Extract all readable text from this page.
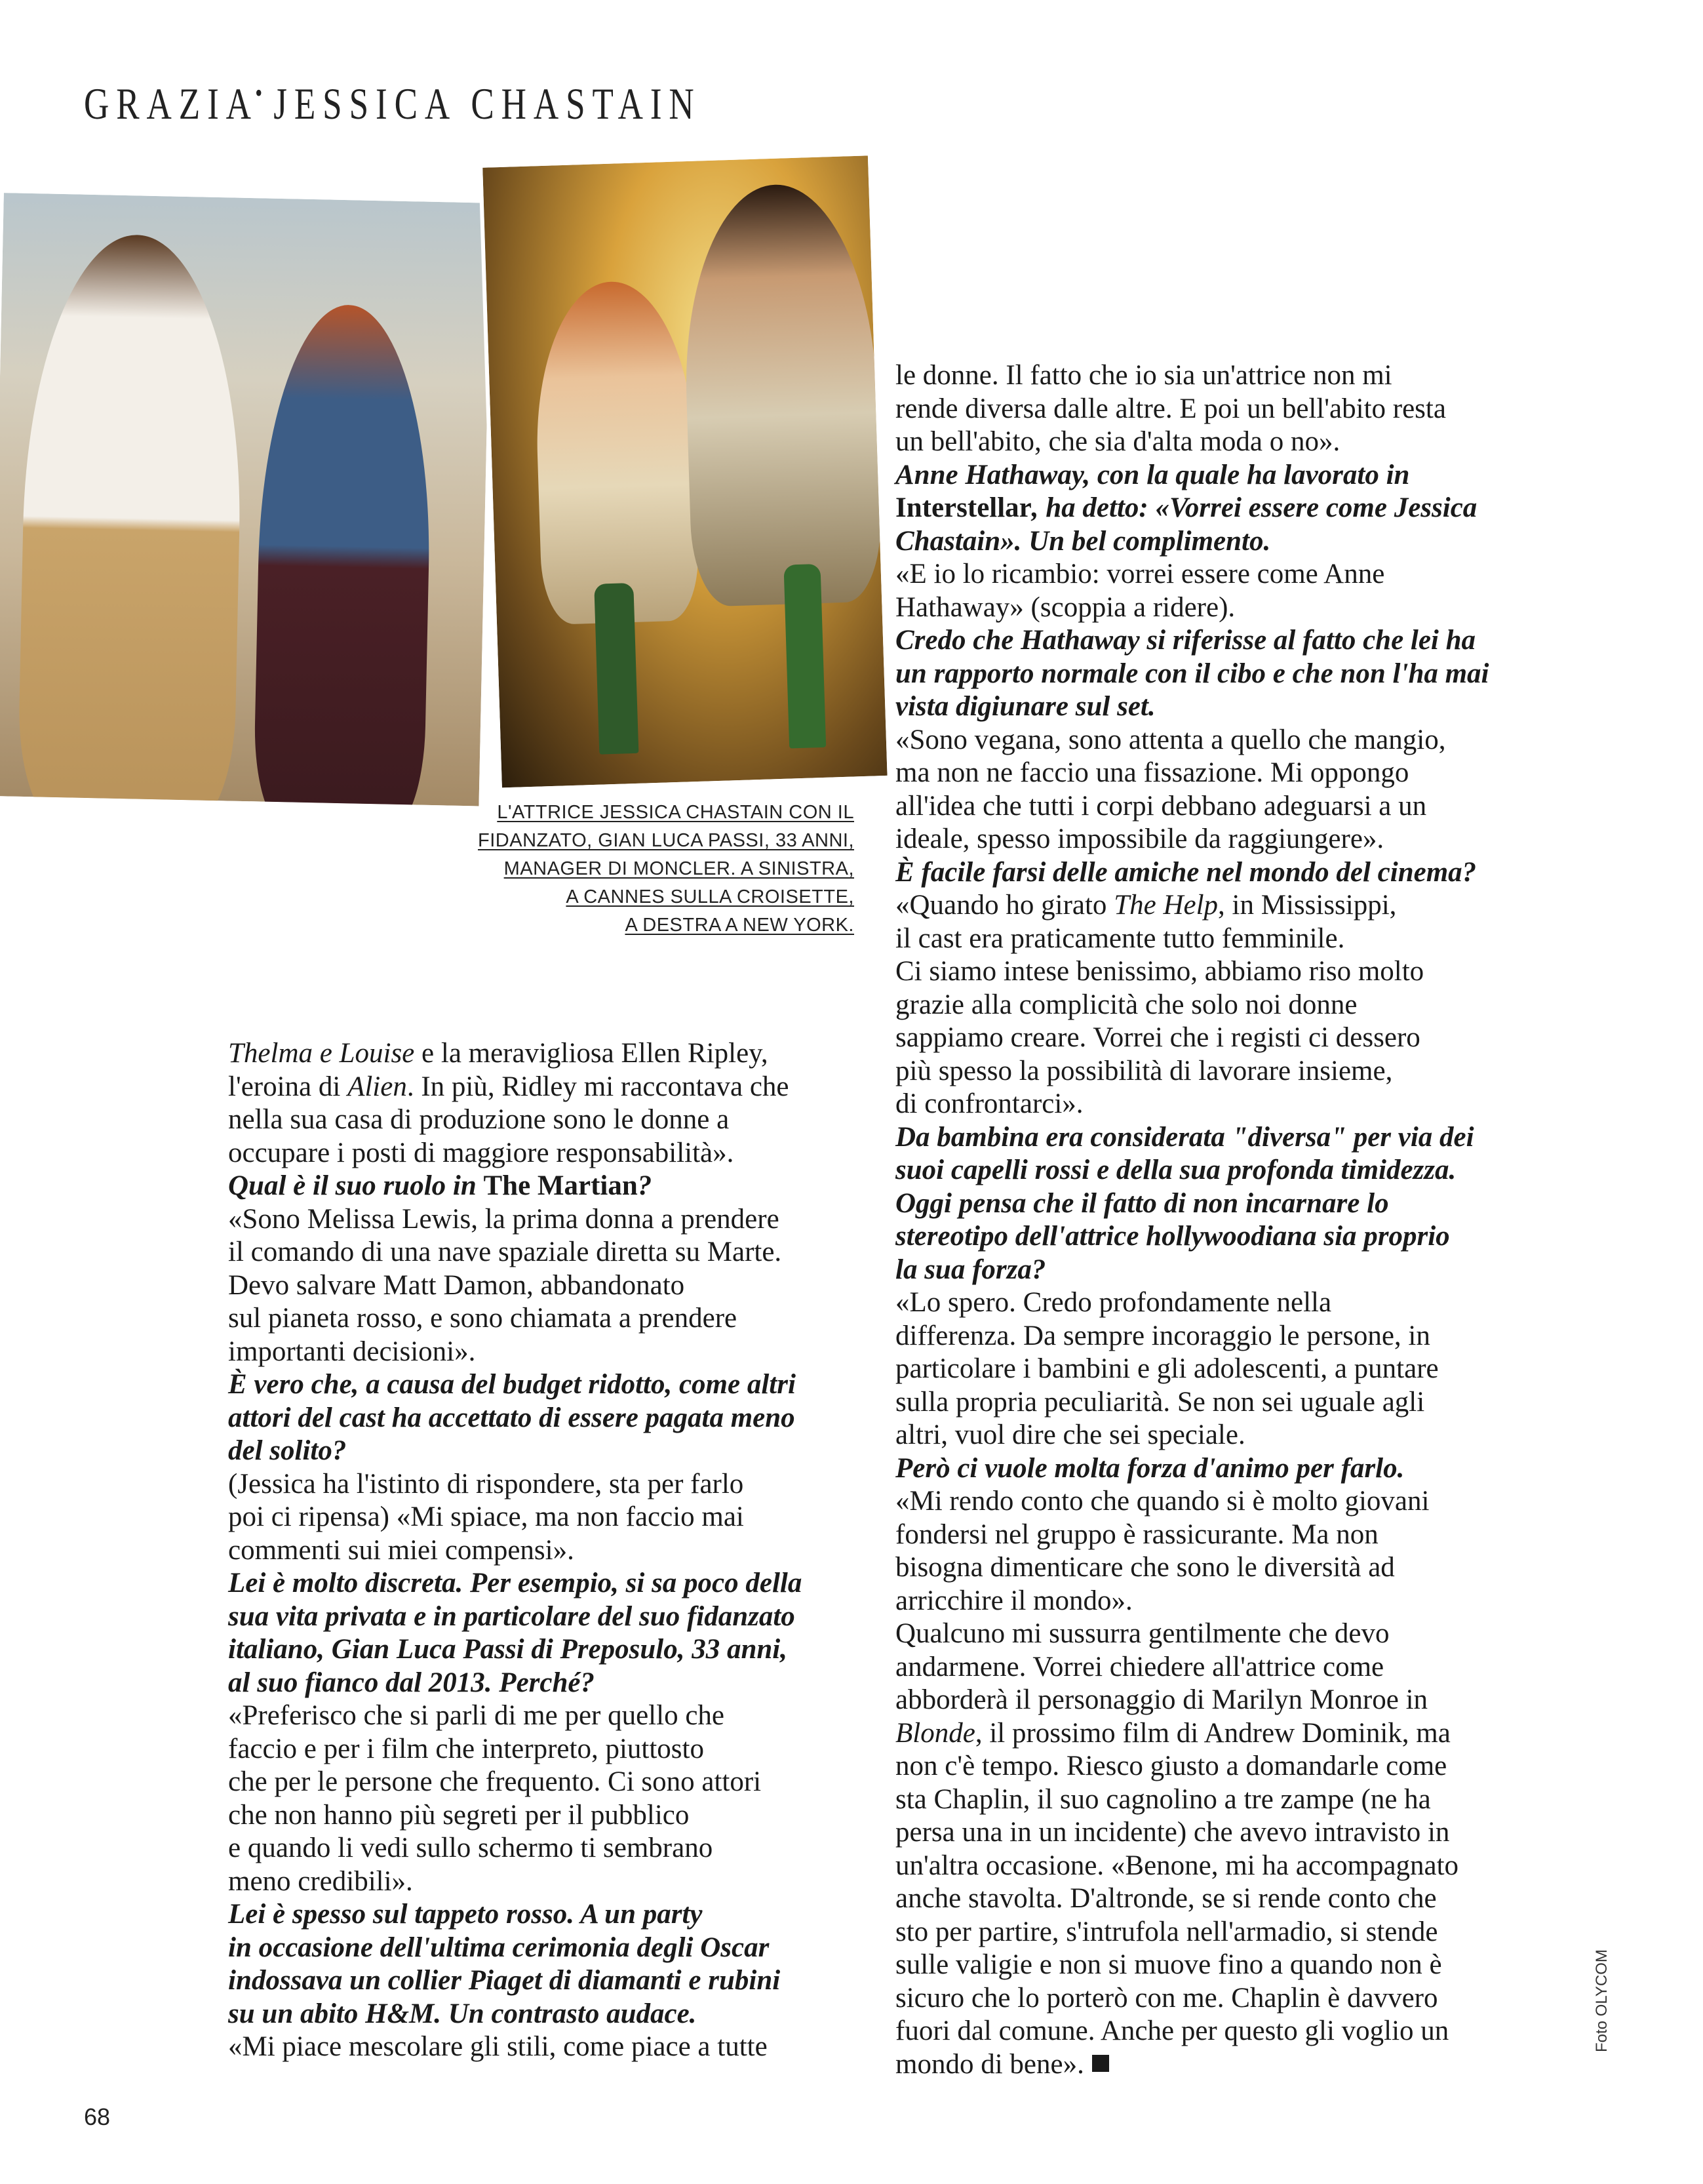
GRAZIA•JESSICA CHASTAIN
L'ATTRICE JESSICA CHASTAIN CON IL
FIDANZATO, GIAN LUCA PASSI, 33 ANNI,
MANAGER DI MONCLER. A SINISTRA,
A CANNES SULLA CROISETTE,
A DESTRA A NEW YORK.

Thelma e Louise e la meravigliosa Ellen Ripley,

l'eroina di Alien. In più, Ridley mi raccontava che

nella sua casa di produzione sono le donne a

occupare i posti di maggiore responsabilità».

Qual è il suo ruolo in The Martian?

«Sono Melissa Lewis, la prima donna a prendere

il comando di una nave spaziale diretta su Marte.

Devo salvare Matt Damon, abbandonato

sul pianeta rosso, e sono chiamata a prendere

importanti decisioni».

È vero che, a causa del budget ridotto, come altri

attori del cast ha accettato di essere pagata meno

del solito?

(Jessica ha l'istinto di rispondere, sta per farlo

poi ci ripensa) «Mi spiace, ma non faccio mai

commenti sui miei compensi».

Lei è molto discreta. Per esempio, si sa poco della

sua vita privata e in particolare del suo fidanzato

italiano, Gian Luca Passi di Preposulo, 33 anni,

al suo fianco dal 2013. Perché?

«Preferisco che si parli di me per quello che

faccio e per i film che interpreto, piuttosto

che per le persone che frequento. Ci sono attori

che non hanno più segreti per il pubblico

e quando li vedi sullo schermo ti sembrano

meno credibili».

Lei è spesso sul tappeto rosso. A un party

in occasione dell'ultima cerimonia degli Oscar

indossava un collier Piaget di diamanti e rubini

su un abito H&M. Un contrasto audace.

«Mi piace mescolare gli stili, come piace a tutte

le donne. Il fatto che io sia un'attrice non mi

rende diversa dalle altre. E poi un bell'abito resta

un bell'abito, che sia d'alta moda o no».

Anne Hathaway, con la quale ha lavorato in

Interstellar, ha detto: «Vorrei essere come Jessica

Chastain». Un bel complimento.

«E io lo ricambio: vorrei essere come Anne

Hathaway» (scoppia a ridere).

Credo che Hathaway si riferisse al fatto che lei ha

un rapporto normale con il cibo e che non l'ha mai

vista digiunare sul set.

«Sono vegana, sono attenta a quello che mangio,

ma non ne faccio una fissazione. Mi oppongo

all'idea che tutti i corpi debbano adeguarsi a un

ideale, spesso impossibile da raggiungere».

È facile farsi delle amiche nel mondo del cinema?

«Quando ho girato The Help, in Mississippi,

il cast era praticamente tutto femminile.

Ci siamo intese benissimo, abbiamo riso molto

grazie alla complicità che solo noi donne

sappiamo creare. Vorrei che i registi ci dessero

più spesso la possibilità di lavorare insieme,

di confrontarci».

Da bambina era considerata "diversa" per via dei

suoi capelli rossi e della sua profonda timidezza.

Oggi pensa che il fatto di non incarnare lo

stereotipo dell'attrice hollywoodiana sia proprio

la sua forza?

«Lo spero. Credo profondamente nella

differenza. Da sempre incoraggio le persone, in

particolare i bambini e gli adolescenti, a puntare

sulla propria peculiarità. Se non sei uguale agli

altri, vuol dire che sei speciale.

Però ci vuole molta forza d'animo per farlo.

«Mi rendo conto che quando si è molto giovani

fondersi nel gruppo è rassicurante. Ma non

bisogna dimenticare che sono le diversità ad

arricchire il mondo».

Qualcuno mi sussurra gentilmente che devo

andarmene. Vorrei chiedere all'attrice come

abborderà il personaggio di Marilyn Monroe in

Blonde, il prossimo film di Andrew Dominik, ma

non c'è tempo. Riesco giusto a domandarle come

sta Chaplin, il suo cagnolino a tre zampe (ne ha

persa una in un incidente) che avevo intravisto in

un'altra occasione. «Benone, mi ha accompagnato

anche stavolta. D'altronde, se si rende conto che

sto per partire, s'intrufola nell'armadio, si stende

sulle valigie e non si muove fino a quando non è

sicuro che lo porterò con me. Chaplin è davvero

fuori dal comune. Anche per questo gli voglio un

mondo di bene».

68
Foto OLYCOM
